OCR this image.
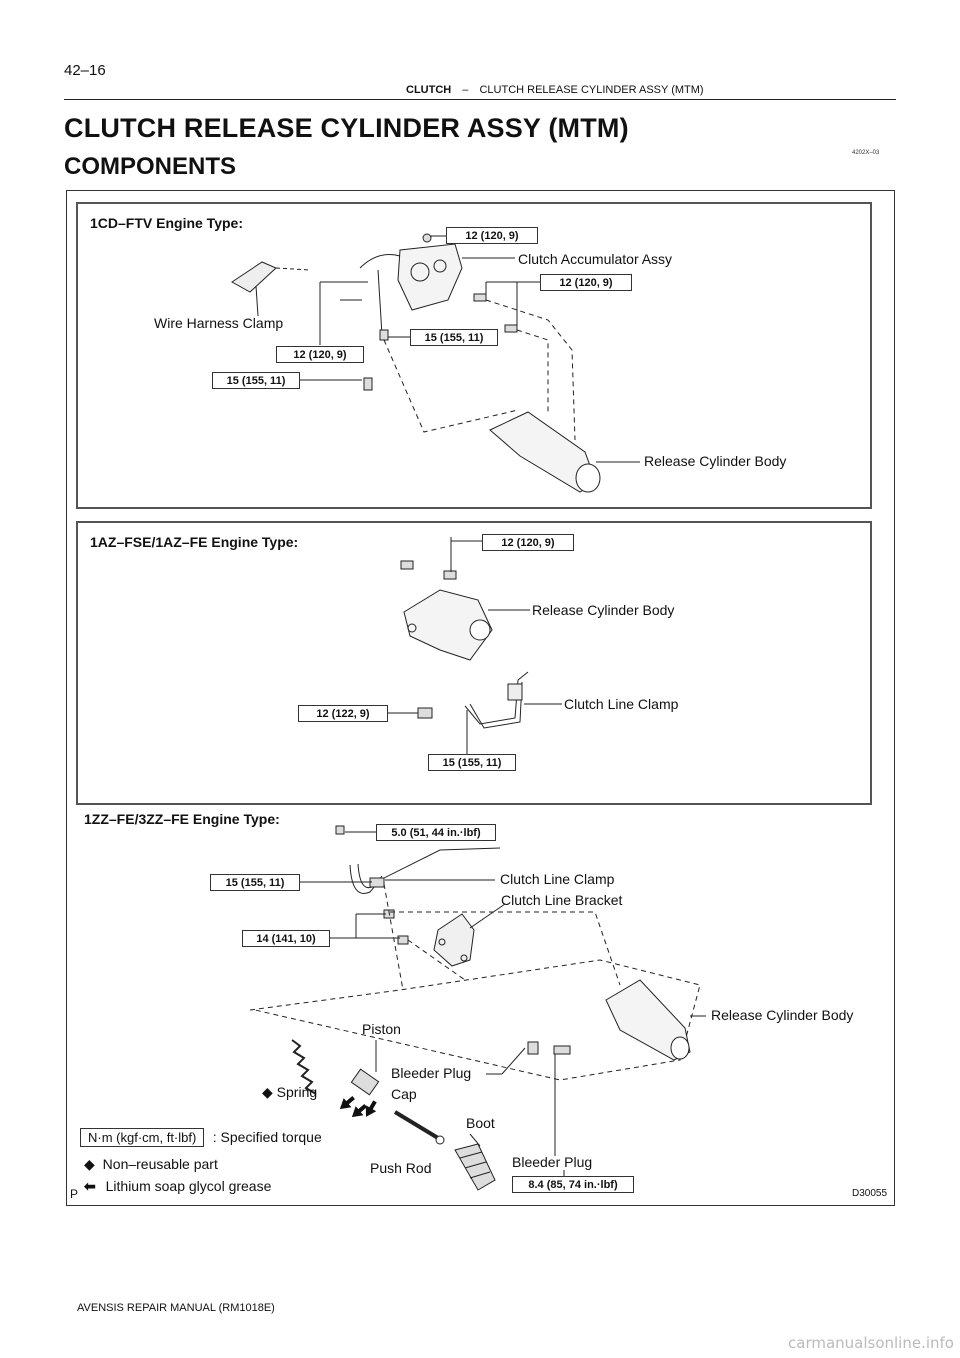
42–16
CLUTCH – CLUTCH RELEASE CYLINDER ASSY (MTM)
CLUTCH RELEASE CYLINDER ASSY (MTM)
4202X–03
COMPONENTS
1CD–FTV Engine Type:
12 (120, 9)
Clutch Accumulator Assy
12 (120, 9)
Wire Harness Clamp
15 (155, 11)
12 (120, 9)
15 (155, 11)
Release Cylinder Body
1AZ–FSE/1AZ–FE Engine Type:	12 (120, 9)
Release Cylinder Body
Clutch Line Clamp
12 (122, 9)
15 (155, 11)
1ZZ–FE/3ZZ–FE Engine Type:
5.0 (51, 44 in.·lbf)
Clutch Line Clamp
15 (155, 11)
Clutch Line Bracket
14 (141, 10)
Release Cylinder Body
Piston
Bleeder Plug
Cap
◆ Spring
Boot
Push Rod	Bleeder Plug
8.4 (85, 74 in.·lbf)
N·m (kgf·cm, ft·lbf) : Specified torque
◆ Non–reusable part
⬅ Lithium soap glycol grease
P	D30055
AVENSIS REPAIR MANUAL (RM1018E)
carmanualsonline.info
